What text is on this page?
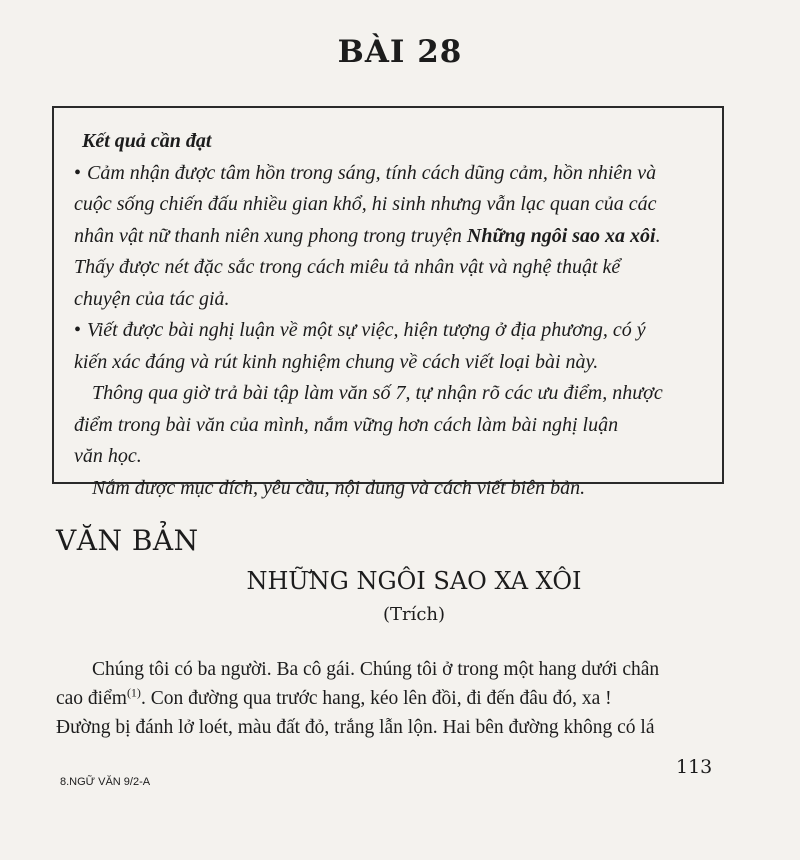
BÀI 28
Kết quả cần đạt
• Cảm nhận được tâm hồn trong sáng, tính cách dũng cảm, hồn nhiên và
cuộc sống chiến đấu nhiều gian khổ, hi sinh nhưng vẫn lạc quan của các
nhân vật nữ thanh niên xung phong trong truyện Những ngôi sao xa xôi.
Thấy được nét đặc sắc trong cách miêu tả nhân vật và nghệ thuật kể
chuyện của tác giả.
• Viết được bài nghị luận về một sự việc, hiện tượng ở địa phương, có ý
kiến xác đáng và rút kinh nghiệm chung về cách viết loại bài này.
Thông qua giờ trả bài tập làm văn số 7, tự nhận rõ các ưu điểm, nhược
điểm trong bài văn của mình, nắm vững hơn cách làm bài nghị luận
văn học.
Nắm được mục đích, yêu cầu, nội dung và cách viết biên bản.
VĂN BẢN
NHỮNG NGÔI SAO XA XÔI
(Trích)

Chúng tôi có ba người. Ba cô gái. Chúng tôi ở trong một hang dưới chân

cao điểm$^{(1)}$. Con đường qua trước hang, kéo lên đồi, đi đến đâu đó, xa !
Đường bị đánh lở loét, màu đất đỏ, trắng lẫn lộn. Hai bên đường không có lá
8.NGỮ VĂN 9/2-A
113
